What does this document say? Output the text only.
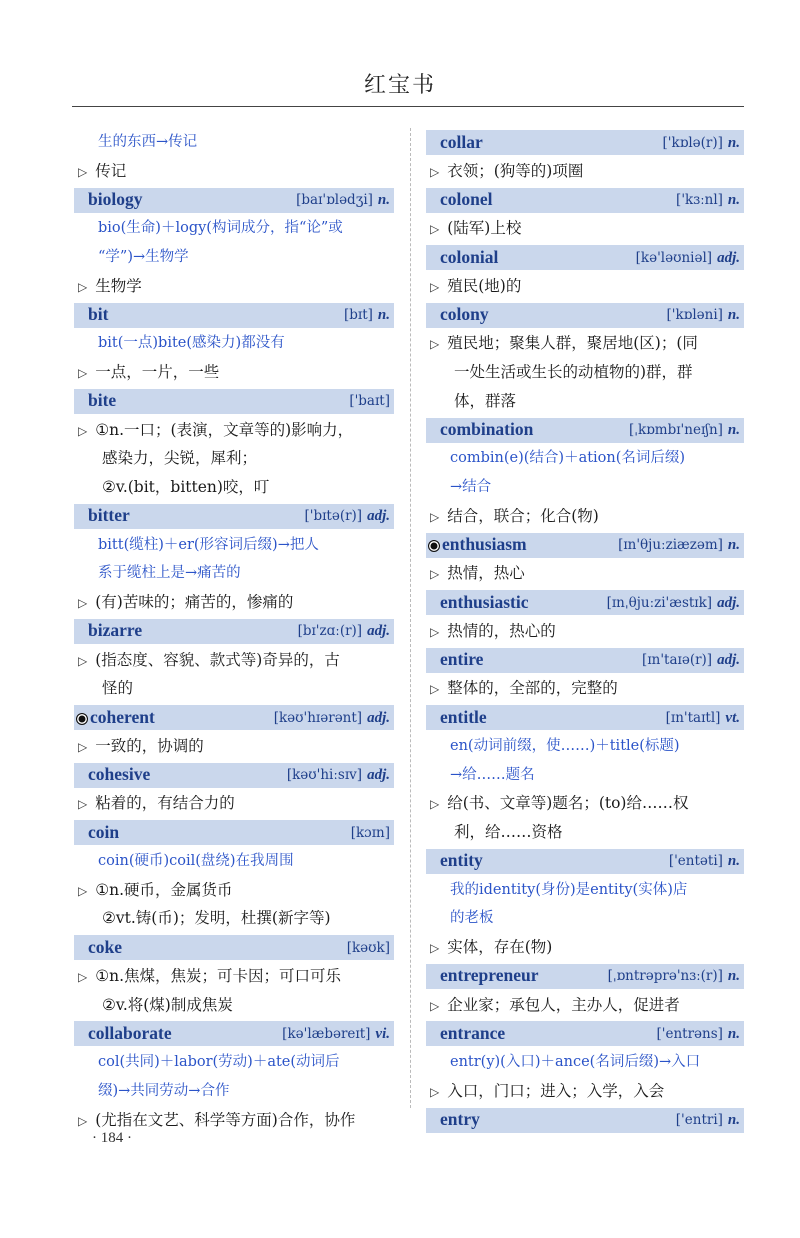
红宝书
生的东西→传记
▷ 传记
biology	[baɪ'ɒlədʒi] n.
bio(生命)＋logy(构词成分，指“论”或
“学”)→生物学
▷ 生物学
bit	[bɪt] n.
bit(一点)bite(感染力)都没有
▷ 一点，一片，一些
bite	['baɪt]
▷ ①n.一口；(表演，文章等的)影响力，
感染力，尖锐，犀利；
②v.(bit，bitten)咬，叮
bitter	['bɪtə(r)] adj.
bitt(缆柱)＋er(形容词后缀)→把人
系于缆柱上是→痛苦的
▷ (有)苦味的；痛苦的，惨痛的
bizarre	[bɪ'zɑː(r)] adj.
▷ (指态度、容貌、款式等)奇异的，古
怪的
coherent	[kəʊ'hɪərənt] adj.
▷ 一致的，协调的
cohesive	[kəʊ'hiːsɪv] adj.
▷ 粘着的，有结合力的
coin	[kɔɪn]
coin(硬币)coil(盘绕)在我周围
▷ ①n.硬币，金属货币
②vt.铸(币)；发明，杜撰(新字等)
coke	[kəʊk]
▷ ①n.焦煤，焦炭；可卡因；可口可乐
②v.将(煤)制成焦炭
collaborate	[kə'læbəreɪt] vi.
col(共同)＋labor(劳动)＋ate(动词后
缀)→共同劳动→合作
▷ (尤指在文艺、科学等方面)合作，协作
collar	['kɒlə(r)] n.
▷ 衣领；(狗等的)项圈
colonel	['kɜːnl] n.
▷ (陆军)上校
colonial	[kə'ləʊniəl] adj.
▷ 殖民(地)的
colony	['kɒləni] n.
▷ 殖民地；聚集人群，聚居地(区)；(同
一处生活或生长的动植物的)群，群
体，群落
combination	[ˌkɒmbɪ'neɪʃn] n.
combin(e)(结合)＋ation(名词后缀)
→结合
▷ 结合，联合；化合(物)
enthusiasm	[ɪn'θjuːziæzəm] n.
▷ 热情，热心
enthusiastic	[ɪnˌθjuːzi'æstɪk] adj.
▷ 热情的，热心的
entire	[ɪn'taɪə(r)] adj.
▷ 整体的，全部的，完整的
entitle	[ɪn'taɪtl] vt.
en(动词前缀，使……)＋title(标题)
→给……题名
▷ 给(书、文章等)题名；(to)给……权
利，给……资格
entity	['entəti] n.
我的identity(身份)是entity(实体)店
的老板
▷ 实体，存在(物)
entrepreneur	[ˌɒntrəprə'nɜː(r)] n.
▷ 企业家；承包人，主办人，促进者
entrance	['entrəns] n.
entr(y)(入口)＋ance(名词后缀)→入口
▷ 入口，门口；进入；入学，入会
entry	['entri] n.
· 184 ·
